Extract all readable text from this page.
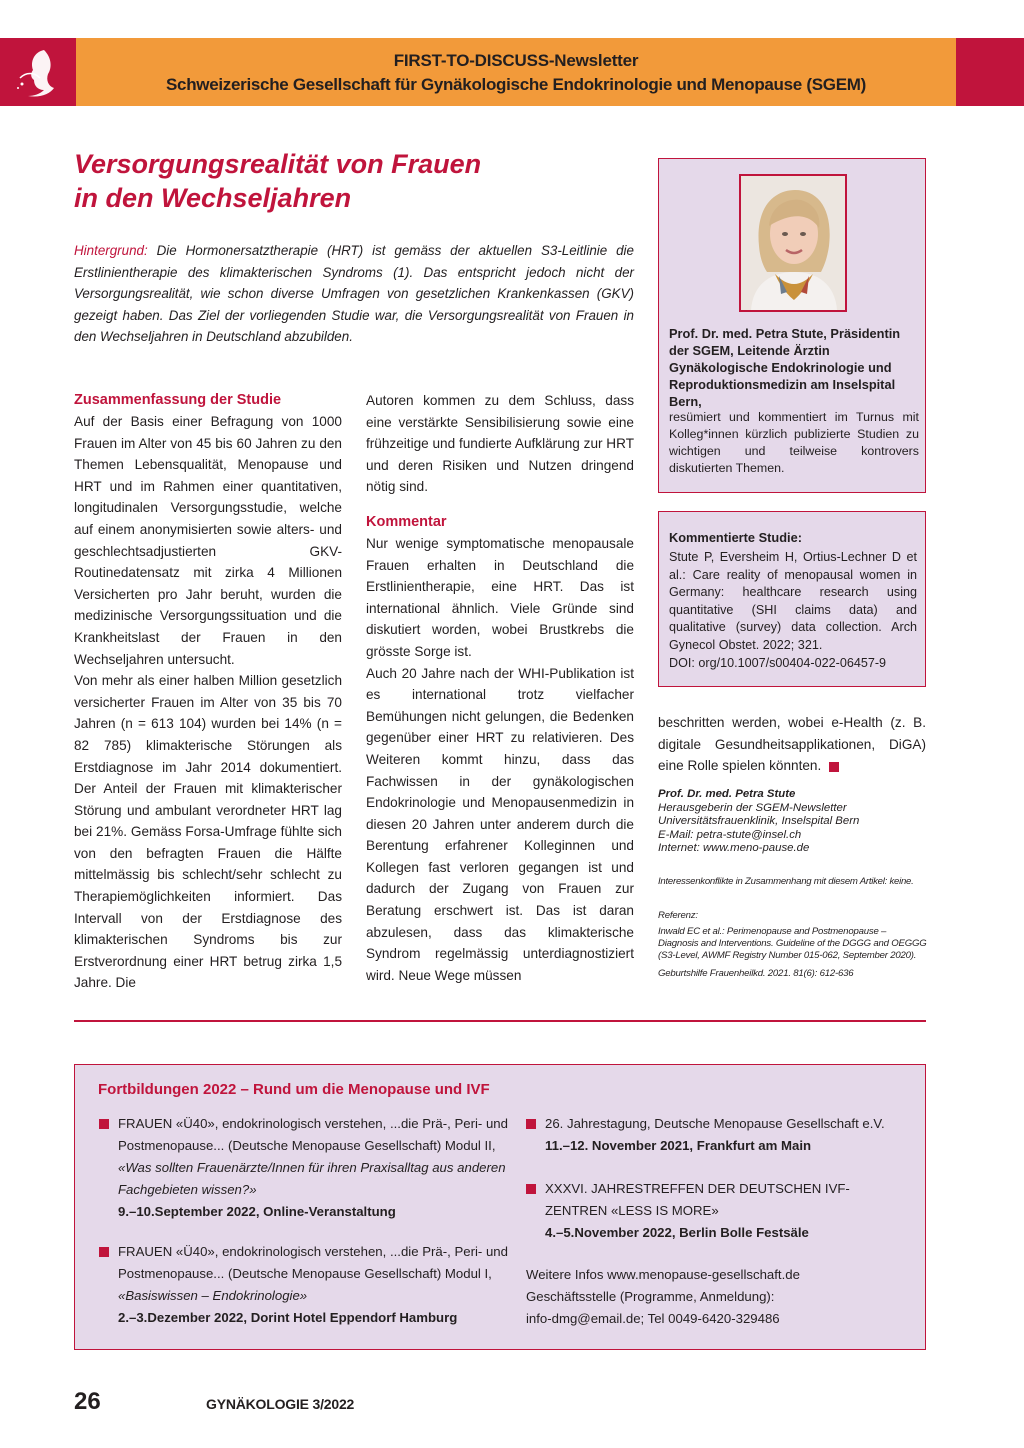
FIRST-TO-DISCUSS-Newsletter
Schweizerische Gesellschaft für Gynäkologische Endokrinologie und Menopause (SGEM)
Versorgungsrealität von Frauen
in den Wechseljahren
Hintergrund: Die Hormonersatztherapie (HRT) ist gemäss der aktuellen S3-Leitlinie die Erstlinientherapie des klimakterischen Syndroms (1). Das entspricht jedoch nicht der Versorgungsrealität, wie schon diverse Umfragen von gesetzlichen Krankenkassen (GKV) gezeigt haben. Das Ziel der vorliegenden Studie war, die Versorgungsrealität von Frauen in den Wechseljahren in Deutschland abzubilden.
Zusammenfassung der Studie

Auf der Basis einer Befragung von 1000 Frauen im Alter von 45 bis 60 Jahren zu den Themen Lebensqualität, Menopause und HRT und im Rahmen einer quantitativen, longitudinalen Versorgungsstudie, welche auf einem anonymisierten sowie alters- und geschlechtsadjustierten GKV-Routinedatensatz mit zirka 4 Millionen Versicherten pro Jahr beruht, wurden die medizinische Versorgungssituation und die Krankheitslast der Frauen in den Wechseljahren untersucht.

Von mehr als einer halben Million gesetzlich versicherter Frauen im Alter von 35 bis 70 Jahren (n = 613 104) wurden bei 14% (n = 82 785) klimakterische Störungen als Erstdiagnose im Jahr 2014 dokumentiert. Der Anteil der Frauen mit klimakterischer Störung und ambulant verordneter HRT lag bei 21%. Gemäss Forsa-Umfrage fühlte sich von den befragten Frauen die Hälfte mittelmässig bis schlecht/sehr schlecht zu Therapiemöglichkeiten informiert. Das Intervall von der Erstdiagnose des klimakterischen Syndroms bis zur Erstverordnung einer HRT betrug zirka 1,5 Jahre. Die

Autoren kommen zu dem Schluss, dass eine verstärkte Sensibilisierung sowie eine frühzeitige und fundierte Aufklärung zur HRT und deren Risiken und Nutzen dringend nötig sind.

Kommentar

Nur wenige symptomatische menopausale Frauen erhalten in Deutschland die Erstlinientherapie, eine HRT. Das ist international ähnlich. Viele Gründe sind diskutiert worden, wobei Brustkrebs die grösste Sorge ist.

Auch 20 Jahre nach der WHI-Publikation ist es international trotz vielfacher Bemühungen nicht gelungen, die Bedenken gegenüber einer HRT zu relativieren. Des Weiteren kommt hinzu, dass das Fachwissen in der gynäkologischen Endokrinologie und Menopausenmedizin in diesen 20 Jahren unter anderem durch die Berentung erfahrener Kolleginnen und Kollegen fast verloren gegangen ist und dadurch der Zugang von Frauen zur Beratung erschwert ist. Das ist daran abzulesen, dass das klimakterische Syndrom regelmässig unterdiagnostiziert wird. Neue Wege müssen

Prof. Dr. med. Petra Stute, Präsidentin der SGEM, Leitende Ärztin Gynäkologische Endokrinologie und Reproduktionsmedizin am Inselspital Bern,
resümiert und kommentiert im Turnus mit Kolleg*innen kürzlich publizierte Studien zu wichtigen und teilweise kontrovers diskutierten Themen.
Kommentierte Studie:
Stute P, Eversheim H, Ortius-Lechner D et al.: Care reality of menopausal women in Germany: healthcare research using quantitative (SHI claims data) and qualitative (survey) data collection. Arch Gynecol Obstet. 2022; 321.
DOI: org/10.1007/s00404-022-06457-9
beschritten werden, wobei e-Health (z. B. digitale Gesundheitsapplikationen, DiGA) eine Rolle spielen könnten.
Prof. Dr. med. Petra Stute
Herausgeberin der SGEM-Newsletter
Universitätsfrauenklinik, Inselspital Bern
E-Mail: petra-stute@insel.ch
Internet: www.meno-pause.de
Interessenkonflikte in Zusammenhang mit diesem Artikel: keine.
Referenz:
Inwald EC et al.: Perimenopause and Postmenopause – Diagnosis and Interventions. Guideline of the DGGG and OEGGG (S3-Level, AWMF Registry Number 015-062, September 2020).
Geburtshilfe Frauenheilkd. 2021. 81(6): 612-636
Fortbildungen 2022 – Rund um die Menopause und IVF
FRAUEN «Ü40», endokrinologisch verstehen, ...die Prä-, Peri- und Postmenopause... (Deutsche Menopause Gesellschaft) Modul II, «Was sollten Frauenärzte/Innen für ihren Praxisalltag aus anderen Fachgebieten wissen?»
9.–10.September 2022, Online-Veranstaltung
FRAUEN «Ü40», endokrinologisch verstehen, ...die Prä-, Peri- und Postmenopause... (Deutsche Menopause Gesellschaft) Modul I, «Basiswissen – Endokrinologie»
2.–3.Dezember 2022, Dorint Hotel Eppendorf Hamburg
26. Jahrestagung, Deutsche Menopause Gesellschaft e.V.
11.–12. November 2021, Frankfurt am Main
XXXVI. JAHRESTREFFEN DER DEUTSCHEN IVF-ZENTREN «LESS IS MORE»
4.–5.November 2022, Berlin Bolle Festsäle
Weitere Infos www.menopause-gesellschaft.de
Geschäftsstelle (Programme, Anmeldung):
info-dmg@email.de; Tel 0049-6420-329486
26	GYNÄKOLOGIE 3/2022
